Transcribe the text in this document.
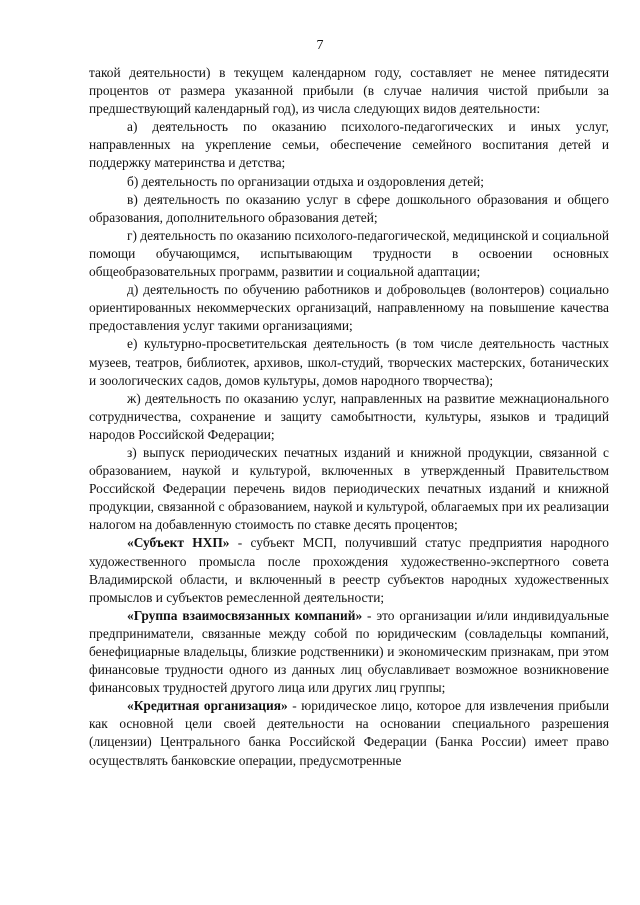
7

такой деятельности) в текущем календарном году, составляет не менее пятидесяти процентов от размера указанной прибыли (в случае наличия чистой прибыли за предшествующий календарный год), из числа следующих видов деятельности:

а) деятельность по оказанию психолого-педагогических и иных услуг, направленных на укрепление семьи, обеспечение семейного воспитания детей и поддержку материнства и детства;

б) деятельность по организации отдыха и оздоровления детей;

в) деятельность по оказанию услуг в сфере дошкольного образования и общего образования, дополнительного образования детей;

г) деятельность по оказанию психолого-педагогической, медицинской и социальной помощи обучающимся, испытывающим трудности в освоении основных общеобразовательных программ, развитии и социальной адаптации;

д) деятельность по обучению работников и добровольцев (волонтеров) социально ориентированных некоммерческих организаций, направленному на повышение качества предоставления услуг такими организациями;

е) культурно-просветительская деятельность (в том числе деятельность частных музеев, театров, библиотек, архивов, школ-студий, творческих мастерских, ботанических и зоологических садов, домов культуры, домов народного творчества);

ж) деятельность по оказанию услуг, направленных на развитие межнационального сотрудничества, сохранение и защиту самобытности, культуры, языков и традиций народов Российской Федерации;

з) выпуск периодических печатных изданий и книжной продукции, связанной с образованием, наукой и культурой, включенных в утвержденный Правительством Российской Федерации перечень видов периодических печатных изданий и книжной продукции, связанной с образованием, наукой и культурой, облагаемых при их реализации налогом на добавленную стоимость по ставке десять процентов;

«Субъект НХП» - субъект МСП, получивший статус предприятия народного художественного промысла после прохождения художественно-экспертного совета Владимирской области, и включенный в реестр субъектов народных художественных промыслов и субъектов ремесленной деятельности;

«Группа взаимосвязанных компаний» - это организации и/или индивидуальные предприниматели, связанные между собой по юридическим (совладельцы компаний, бенефициарные владельцы, близкие родственники) и экономическим признакам, при этом финансовые трудности одного из данных лиц обуславливает возможное возникновение финансовых трудностей другого лица или других лиц группы;

«Кредитная организация» - юридическое лицо, которое для извлечения прибыли как основной цели своей деятельности на основании специального разрешения (лицензии) Центрального банка Российской Федерации (Банка России) имеет право осуществлять банковские операции, предусмотренные
